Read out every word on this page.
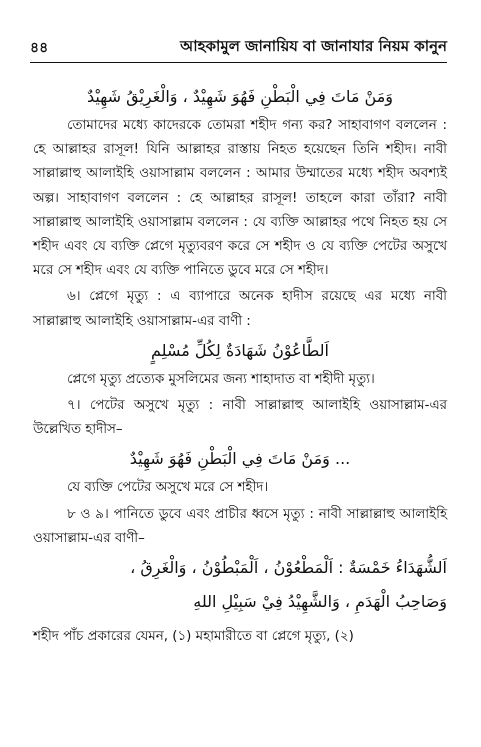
৪৪	আহকামুল জানায়িয বা জানাযার নিয়ম কানুন

وَمَنْ مَاتَ فِي الْبَطْنِ فَهُوَ شَهِيْدٌ ، وَالْغَرِيْقُ شَهِيْدٌ

তোমাদের মধ্যে কাদেরকে তোমরা শহীদ গন্য কর? সাহাবাগণ বললেন : হে আল্লাহর রাসূল! যিনি আল্লাহর রাস্তায় নিহত হয়েছেন তিনি শহীদ। নাবী সাল্লাল্লাহু আলাইহি ওয়াসাল্লাম বললেন : আমার উম্মাতের মধ্যে শহীদ অবশ্যই অল্প। সাহাবাগণ বললেন : হে আল্লাহর রাসূল! তাহলে কারা তাঁরা? নাবী সাল্লাল্লাহু আলাইহি ওয়াসাল্লাম বললেন : যে ব্যক্তি আল্লাহর পথে নিহত হয় সে শহীদ এবং যে ব্যক্তি প্লেগে মৃত্যুবরণ করে সে শহীদ ও যে ব্যক্তি পেটের অসুখে মরে সে শহীদ এবং যে ব্যক্তি পানিতে ডুবে মরে সে শহীদ।

৬। প্লেগে মৃত্যু : এ ব্যাপারে অনেক হাদীস রয়েছে এর মধ্যে নাবী সাল্লাল্লাহু আলাইহি ওয়াসাল্লাম-এর বাণী :

اَلطَّاعُوْنُ شَهَادَةٌ لِكُلِّ مُسْلِمٍ

প্লেগে মৃত্যু প্রত্যেক মুসলিমের জন্য শাহাদাত বা শহীদী মৃত্যু।

৭। পেটের অসুখে মৃত্যু : নাবী সাল্লাল্লাহু আলাইহি ওয়াসাল্লাম-এর উল্লেখিত হাদীস–

... وَمَنْ مَاتَ فِي الْبَطْنِ فَهُوَ شَهِيْدٌ

যে ব্যক্তি পেটের অসুখে মরে সে শহীদ।

৮ ও ৯। পানিতে ডুবে এবং প্রাচীর ধ্বসে মৃত্যু : নাবী সাল্লাল্লাহু আলাইহি ওয়াসাল্লাম-এর বাণী–

اَلشُّهَدَاءُ خَمْسَةٌ : اَلْمَطْعُوْنُ ، اَلْمَبْطُوْنُ ، وَالْغَرِقُ ،

وَصَاحِبُ الْهَدَمِ ، وَالشَّهِيْدُ فِيْ سَبِيْلِ اللهِ

শহীদ পাঁচ প্রকারের যেমন, (১) মহামারীতে বা প্লেগে মৃত্যু, (২)
